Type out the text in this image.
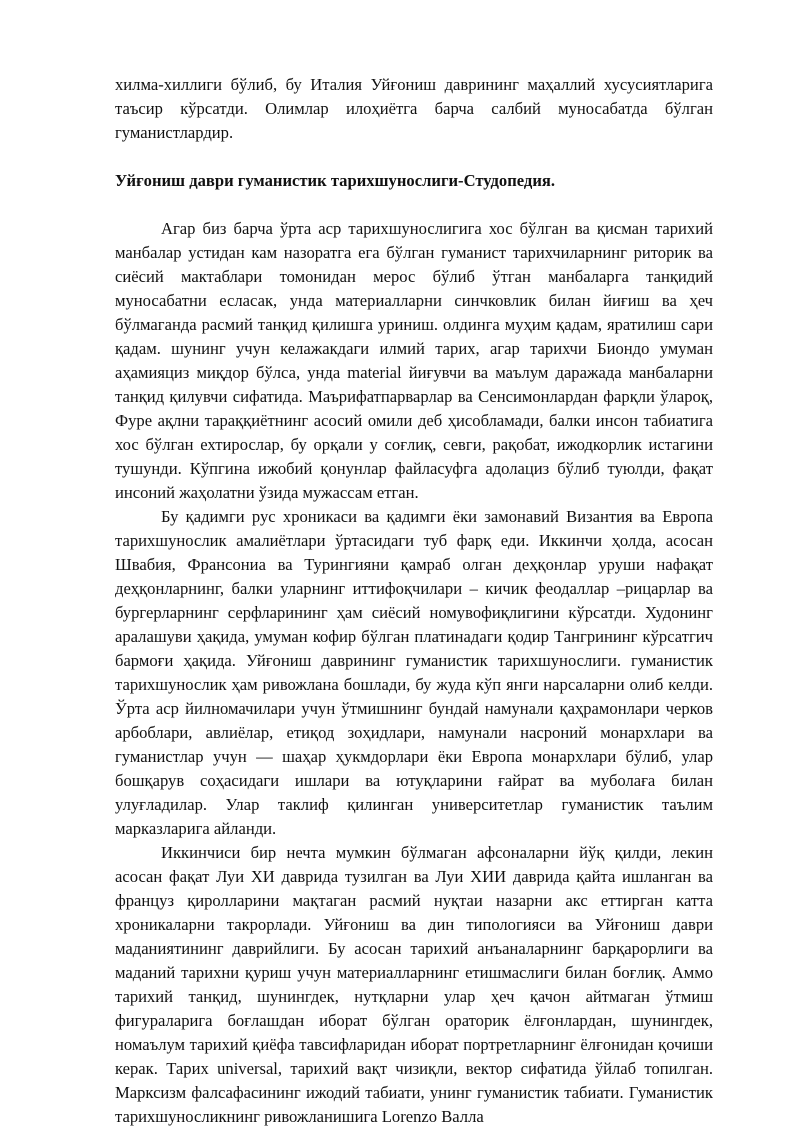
хилма-хиллиги бўлиб, бу Италия Уйғониш даврининг маҳаллий хусусиятларига таъсир кўрсатди. Олимлар илоҳиётга барча салбий муносабатда бўлган гуманистлардир.

Уйғониш даври гуманистик тарихшунослиги-Студопедия.

Агар биз барча ўрта аср тарихшунослигига хос бўлган ва қисман тарихий манбалар устидан кам назоратга ега бўлган гуманист тарихчиларнинг риторик ва сиёсий мактаблари томонидан мерос бўлиб ўтган манбаларга танқидий муносабатни есласак, унда материалларни синчковлик билан йиғиш ва ҳеч бўлмаганда расмий танқид қилишга уриниш. олдинга муҳим қадам, яратилиш сари қадам. шунинг учун келажакдаги илмий тарих, агар тарихчи Биондо умуман аҳамияциз миқдор бўлса, унда material йиғувчи ва маълум даражада манбаларни танқид қилувчи сифатида. Маърифатпарварлар ва Сенсимонлардан фарқли ўлароқ, Фуре ақлни тараққиётнинг асосий омили деб ҳисобламади, балки инсон табиатига хос бўлган ехтирослар, бу орқали у соғлиқ, севги, рақобат, ижодкорлик истагини тушунди. Кўпгина ижобий қонунлар файласуфга адолациз бўлиб туюлди, фақат инсоний жаҳолатни ўзида мужассам етган.

Бу қадимги рус хроникаси ва қадимги ёки замонавий Византия ва Европа тарихшунослик амалиётлари ўртасидаги туб фарқ еди. Иккинчи ҳолда, асосан Швабия, Франсониа ва Турингияни қамраб олган деҳқонлар уруши нафақат деҳқонларнинг, балки уларнинг иттифоқчилари – кичик феодаллар –рицарлар ва бургерларнинг серфларининг ҳам сиёсий номувофиқлигини кўрсатди. Худонинг аралашуви ҳақида, умуман кофир бўлган платинадаги қодир Тангрининг кўрсатгич бармоғи ҳақида. Уйғониш даврининг гуманистик тарихшунослиги. гуманистик тарихшунослик ҳам ривожлана бошлади, бу жуда кўп янги нарсаларни олиб келди. Ўрта аср йилномачилари учун ўтмишнинг бундай намунали қаҳрамонлари черков арбоблари, авлиёлар, етиқод зоҳидлари, намунали насроний монархлари ва гуманистлар учун — шаҳар ҳукмдорлари ёки Европа монархлари бўлиб, улар бошқарув соҳасидаги ишлари ва ютуқларини ғайрат ва муболаға билан улуғладилар. Улар таклиф қилинган университетлар гуманистик таълим марказларига айланди.

Иккинчиси бир нечта мумкин бўлмаган афсоналарни йўқ қилди, лекин асосан фақат Луи ХИ даврида тузилган ва Луи ХИИ даврида қайта ишланган ва француз қиролларини мақтаган расмий нуқтаи назарни акс еттирган катта хроникаларни такрорлади. Уйғониш ва дин типологияси ва Уйғониш даври маданиятининг даврийлиги. Бу асосан тарихий анъаналарнинг барқарорлиги ва маданий тарихни қуриш учун материалларнинг етишмаслиги билан боғлиқ. Аммо тарихий танқид, шунингдек, нутқларни улар ҳеч қачон айтмаган ўтмиш фигураларига боғлашдан иборат бўлган ораторик ёлғонлардан, шунингдек, номаълум тарихий қиёфа тавсифларидан иборат портретларнинг ёлғонидан қочиши керак. Тарих universal, тарихий вақт чизиқли, вектор сифатида ўйлаб топилган. Марксизм фалсафасининг ижодий табиати, унинг гуманистик табиати. Гуманистик тарихшуносликнинг ривожланишига Lorenzo Валла
